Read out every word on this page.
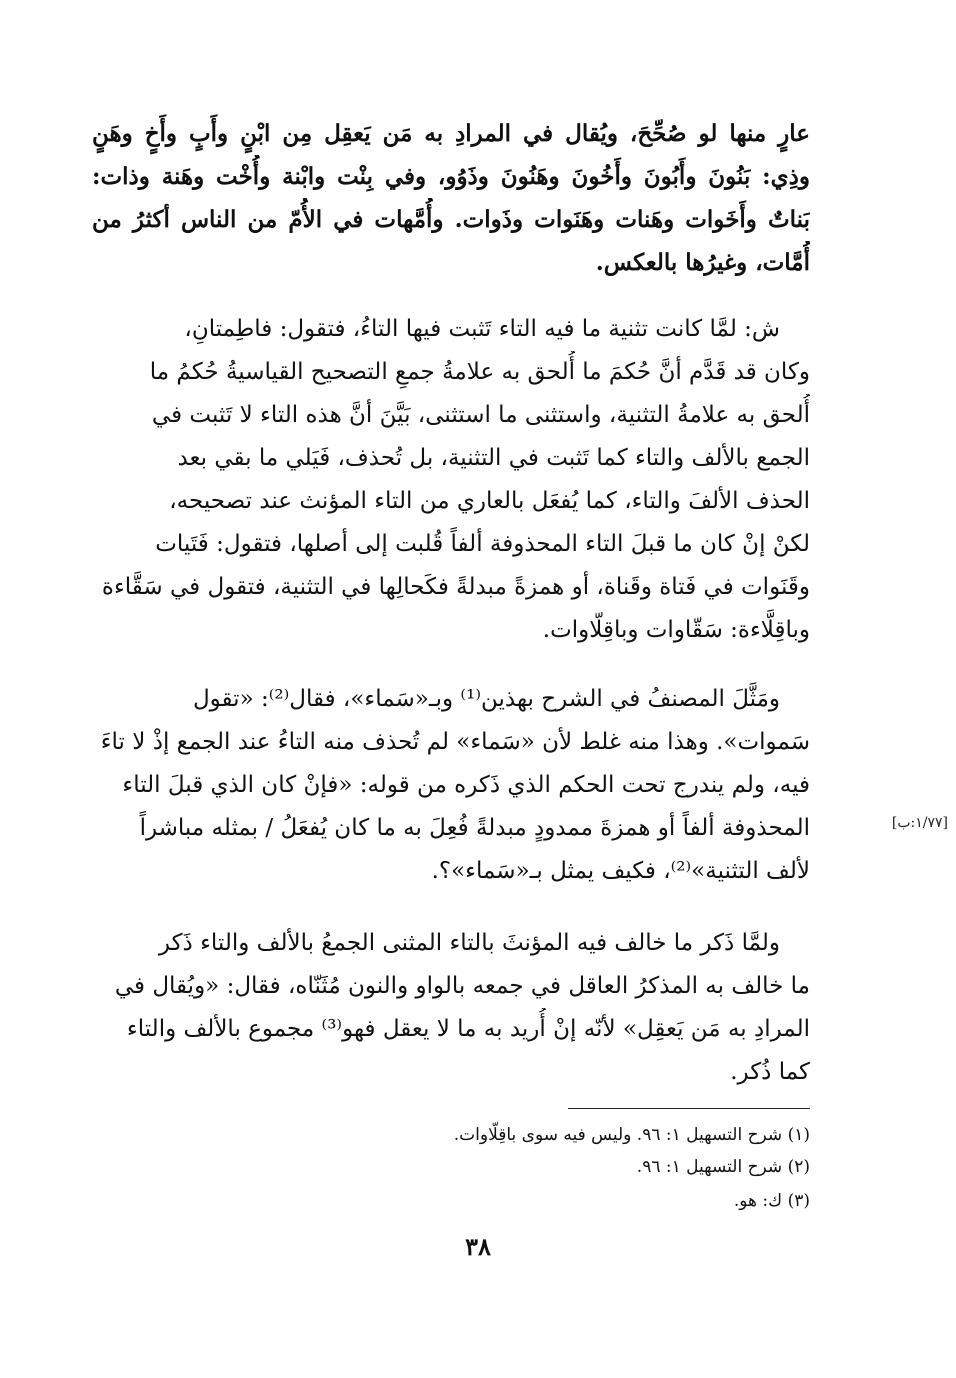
عارٍ منها لو صُحِّحَ، ويُقال في المرادِ به مَن يَعقِل مِن ابْنٍ وأَبٍ وأَخٍ وهَنٍ
وذِي: بَنُونَ وأَبُونَ وأَخُونَ وهَنُونَ وذَوُو، وفي بِنْت وابْنة وأُخْت وهَنة وذات:
بَناتٌ وأَخَوات وهَنات وهَنَوات وذَوات. وأُمَّهات في الأُمّ من الناس أكثرُ من
أُمَّات، وغيرُها بالعكس.
ش: لمَّا كانت تثنية ما فيه التاء تَثبت فيها التاءُ، فتقول: فاطِمتانِ،
وكان قد قَدَّم أنَّ حُكمَ ما أُلحق به علامةُ جمعِ التصحيح القياسيةُ حُكمُ ما
أُلحق به علامةُ التثنية، واستثنى ما استثنى، بَيَّنَ أنَّ هذه التاء لا تَثبت في
الجمع بالألف والتاء كما تَثبت في التثنية، بل تُحذف، فَيَلي ما بقي بعد
الحذف الألفَ والتاء، كما يُفعَل بالعاري من التاء المؤنث عند تصحيحه،
لكنْ إنْ كان ما قبلَ التاء المحذوفة ألفاً قُلبت إلى أصلها، فتقول: فَتَيات
وقَنَوات في فَتاة وقَناة، أو همزةً مبدلةً فكَحالِها في التثنية، فتقول في سَقَّاءة
وباقِلَّاءة: سَقّاوات وباقِلّاوات.
ومَثَّلَ المصنفُ في الشرح بهذين⁽¹⁾ وبـ«سَماء»، فقال⁽²⁾: «تقول
سَموات». وهذا منه غلط لأن «سَماء» لم تُحذف منه التاءُ عند الجمع إذْ لا تاءَ
فيه، ولم يندرج تحت الحكم الذي ذَكره من قوله: «فإنْ كان الذي قبلَ التاء
المحذوفة ألفاً أو همزةَ ممدودٍ مبدلةً فُعِلَ به ما كان يُفعَلُ / بمثله مباشراً
لألف التثنية»⁽²⁾، فكيف يمثل بـ«سَماء»؟.
[١/٧٧:ب]
ولمَّا ذَكر ما خالف فيه المؤنثَ بالتاء المثنى الجمعُ بالألف والتاء ذَكر
ما خالف به المذكرُ العاقل في جمعه بالواو والنون مُثَنّاه، فقال: «ويُقال في
المرادِ به مَن يَعقِل» لأنّه إنْ أُريد به ما لا يعقل فهو⁽³⁾ مجموع بالألف والتاء
كما ذُكر.
(١) شرح التسهيل ١: ٩٦. وليس فيه سوى باقِلّاوات.
(٢) شرح التسهيل ١: ٩٦.
(٣) ك: هو.
٣٨
